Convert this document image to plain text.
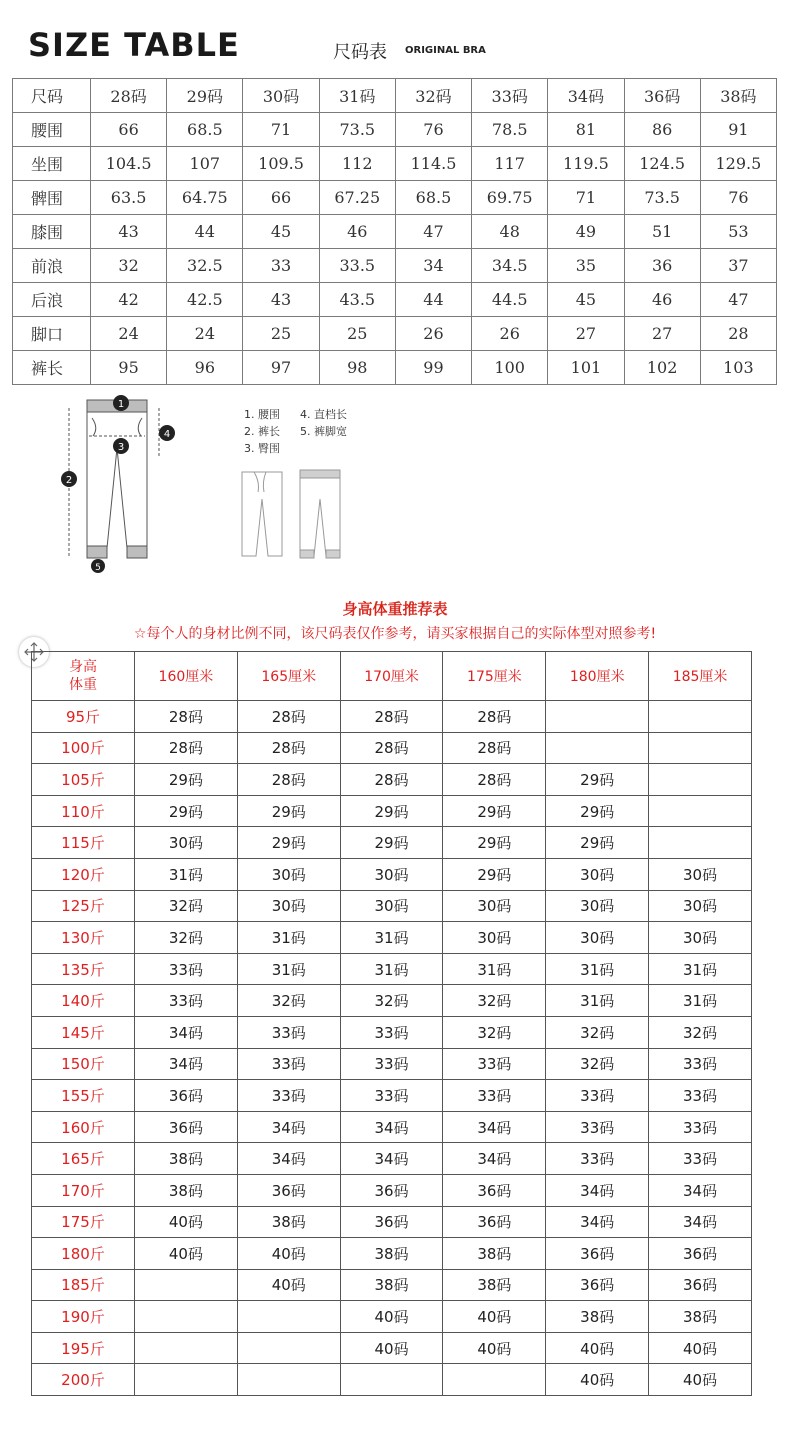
SIZE TABLE	尺码表 ORIGINAL BRA
尺码	28码	29码	30码	31码	32码	33码	34码	36码	38码
腰围	66	68.5	71	73.5	76	78.5	81	86	91
坐围	104.5	107	109.5	112	114.5	117	119.5	124.5	129.5
髀围	63.5	64.75	66	67.25	68.5	69.75	71	73.5	76
膝围	43	44	45	46	47	48	49	51	53
前浪	32	32.5	33	33.5	34	34.5	35	36	37
后浪	42	42.5	43	43.5	44	44.5	45	46	47
脚口	24	24	25	25	26	26	27	27	28
裤长	95	96	97	98	99	100	101	102	103
1
2
3
4
5
1. 腰围 4. 直档长
2. 裤长 5. 裤脚宽
3. 臀围
身高体重推荐表
☆每个人的身材比例不同，该尺码表仅作参考，请买家根据自己的实际体型对照参考!
身高
体重	160厘米	165厘米	170厘米	175厘米	180厘米	185厘米
95斤	28码	28码	28码	28码		
100斤	28码	28码	28码	28码		
105斤	29码	28码	28码	28码	29码	
110斤	29码	29码	29码	29码	29码	
115斤	30码	29码	29码	29码	29码	
120斤	31码	30码	30码	29码	30码	30码
125斤	32码	30码	30码	30码	30码	30码
130斤	32码	31码	31码	30码	30码	30码
135斤	33码	31码	31码	31码	31码	31码
140斤	33码	32码	32码	32码	31码	31码
145斤	34码	33码	33码	32码	32码	32码
150斤	34码	33码	33码	33码	32码	33码
155斤	36码	33码	33码	33码	33码	33码
160斤	36码	34码	34码	34码	33码	33码
165斤	38码	34码	34码	34码	33码	33码
170斤	38码	36码	36码	36码	34码	34码
175斤	40码	38码	36码	36码	34码	34码
180斤	40码	40码	38码	38码	36码	36码
185斤		40码	38码	38码	36码	36码
190斤			40码	40码	38码	38码
195斤			40码	40码	40码	40码
200斤					40码	40码
